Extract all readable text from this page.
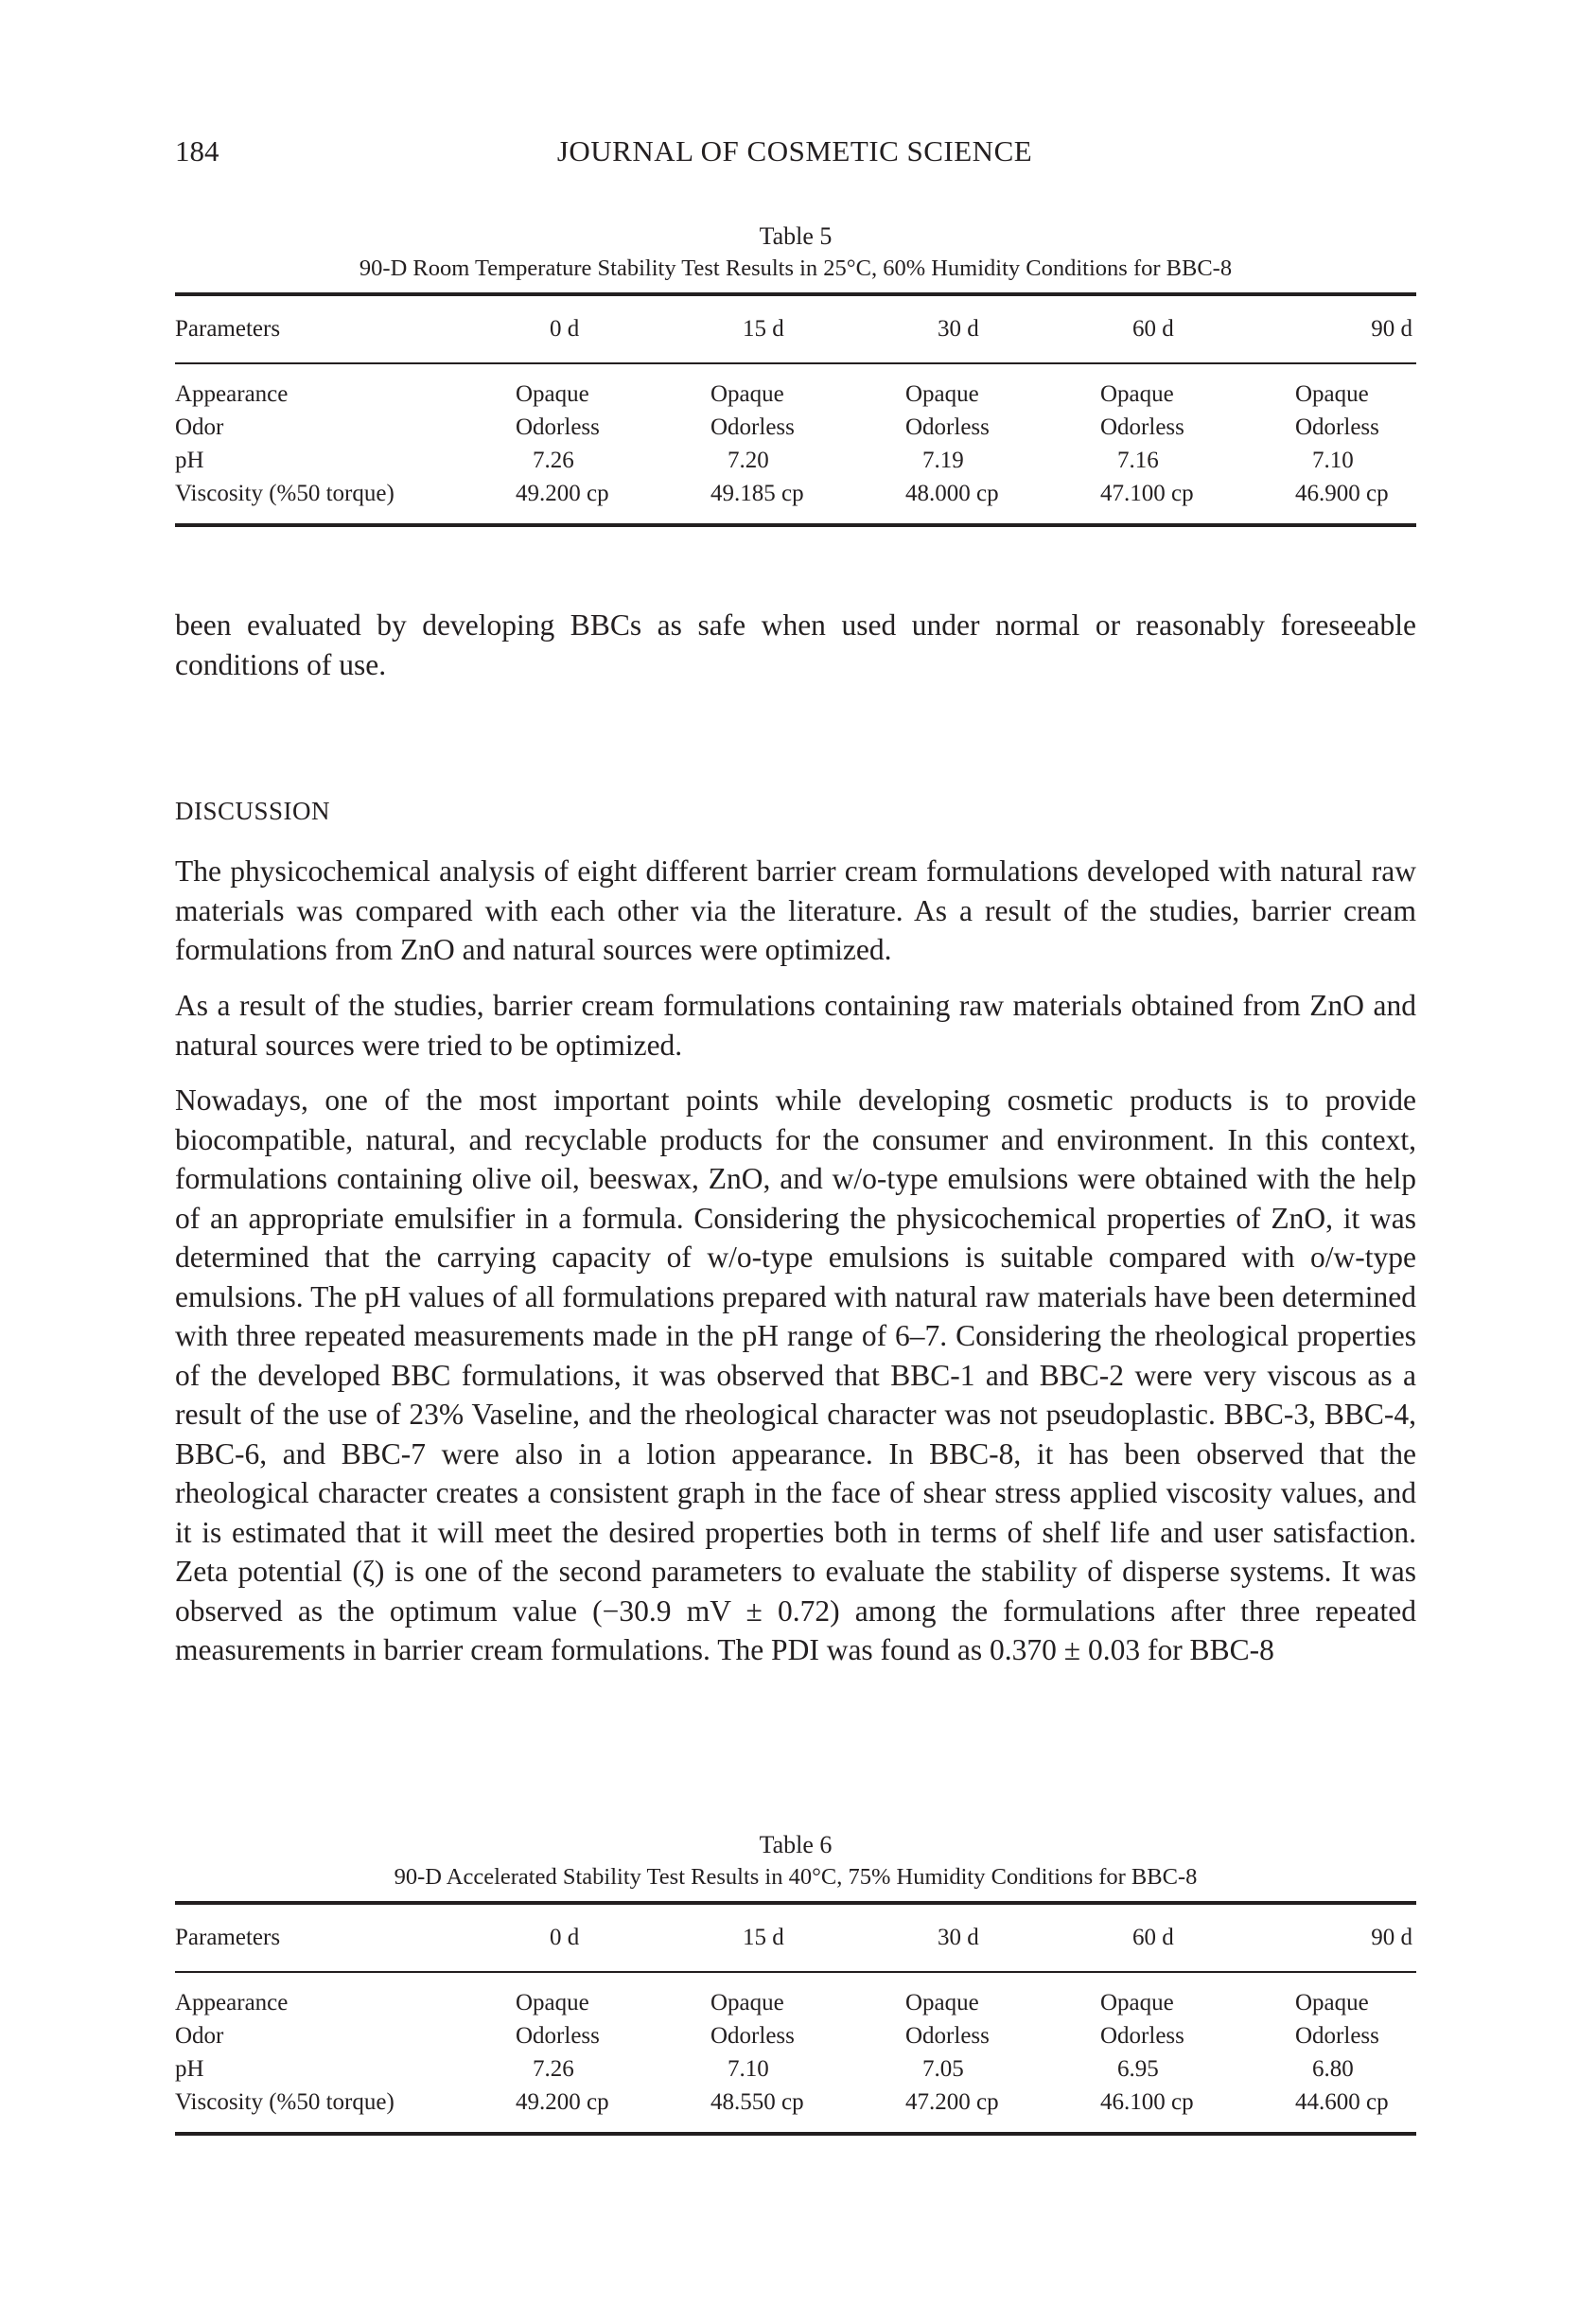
184	JOURNAL OF COSMETIC SCIENCE
Table 5
90-D Room Temperature Stability Test Results in 25°C, 60% Humidity Conditions for BBC-8
Parameters	0 d	15 d	30 d	60 d	90 d
Appearance	Opaque	Opaque	Opaque	Opaque	Opaque
Odor	Odorless	Odorless	Odorless	Odorless	Odorless
pH	7.26	7.20	7.19	7.16	7.10
Viscosity (%50 torque)	49.200 cp	49.185 cp	48.000 cp	47.100 cp	46.900 cp

been evaluated by developing BBCs as safe when used under normal or reasonably foreseeable conditions of use.

DISCUSSION

The physicochemical analysis of eight different barrier cream formulations developed with natural raw materials was compared with each other via the literature. As a result of the studies, barrier cream formulations from ZnO and natural sources were optimized.

As a result of the studies, barrier cream formulations containing raw materials obtained from ZnO and natural sources were tried to be optimized.

Nowadays, one of the most important points while developing cosmetic products is to provide biocompatible, natural, and recyclable products for the consumer and environment. In this context, formulations containing olive oil, beeswax, ZnO, and w/o-type emulsions were obtained with the help of an appropriate emulsifier in a formula. Considering the physicochemical properties of ZnO, it was determined that the carrying capacity of w/o-type emulsions is suitable compared with o/w-type emulsions. The pH values of all formulations prepared with natural raw materials have been determined with three repeated measurements made in the pH range of 6–7. Considering the rheological properties of the developed BBC formulations, it was observed that BBC-1 and BBC-2 were very viscous as a result of the use of 23% Vaseline, and the rheological character was not pseudoplastic. BBC-3, BBC-4, BBC-6, and BBC-7 were also in a lotion appearance. In BBC-8, it has been observed that the rheological character creates a consistent graph in the face of shear stress applied viscosity values, and it is estimated that it will meet the desired properties both in terms of shelf life and user satisfaction. Zeta potential (ζ) is one of the second parameters to evaluate the stability of disperse systems. It was observed as the optimum value (−30.9 mV ± 0.72) among the formulations after three repeated measurements in barrier cream formulations. The PDI was found as 0.370 ± 0.03 for BBC-8

Table 6
90-D Accelerated Stability Test Results in 40°C, 75% Humidity Conditions for BBC-8
Parameters	0 d	15 d	30 d	60 d	90 d
Appearance	Opaque	Opaque	Opaque	Opaque	Opaque
Odor	Odorless	Odorless	Odorless	Odorless	Odorless
pH	7.26	7.10	7.05	6.95	6.80
Viscosity (%50 torque)	49.200 cp	48.550 cp	47.200 cp	46.100 cp	44.600 cp
